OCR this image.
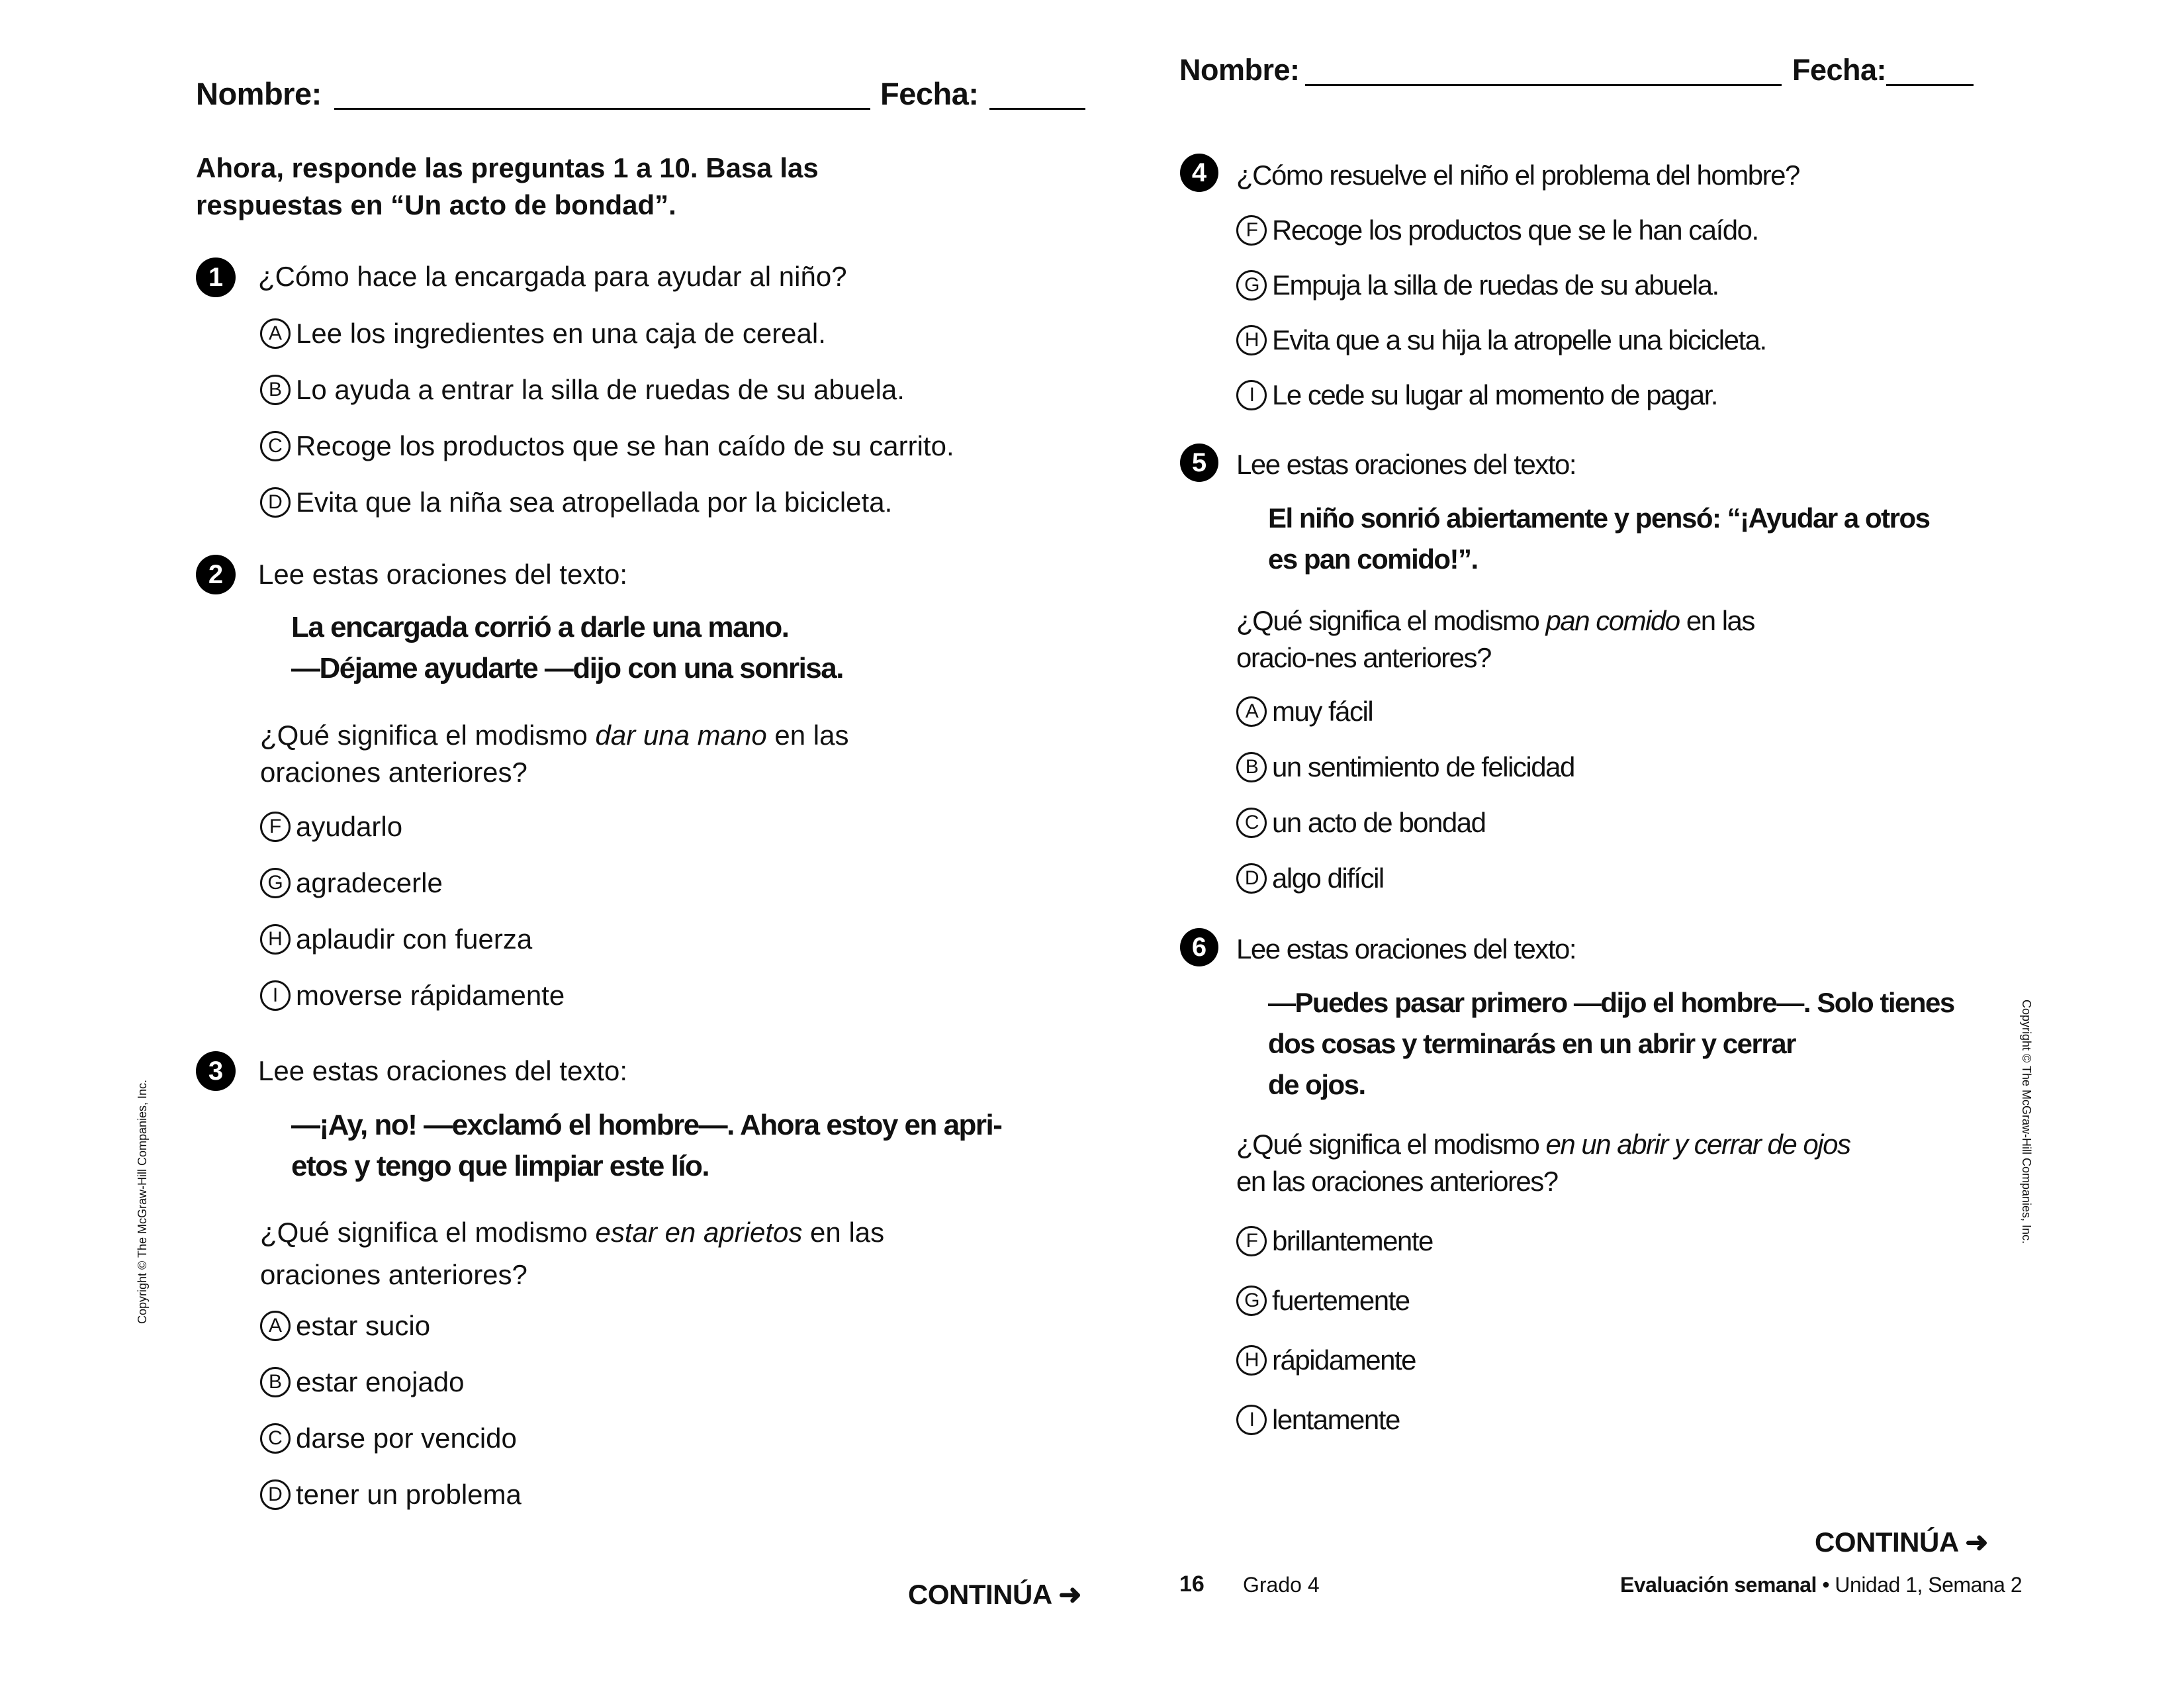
Nombre:	Fecha:
Ahora, responde las preguntas 1 a 10. Basa las respuestas en “Un acto de bondad”.
1	¿Cómo hace la encargada para ayudar al niño?
A Lee los ingredientes en una caja de cereal.
B Lo ayuda a entrar la silla de ruedas de su abuela.
C Recoge los productos que se han caído de su carrito.
D Evita que la niña sea atropellada por la bicicleta.
2	Lee estas oraciones del texto:
La encargada corrió a darle una mano.
—Déjame ayudarte —dijo con una sonrisa.
¿Qué significa el modismo dar una mano en las oraciones anteriores?
F ayudarlo
G agradecerle
H aplaudir con fuerza
I moverse rápidamente
3	Lee estas oraciones del texto:
—¡Ay, no! —exclamó el hombre—. Ahora estoy en apri-
etos y tengo que limpiar este lío.
¿Qué significa el modismo estar en aprietos en las oraciones anteriores?
A estar sucio
B estar enojado
C darse por vencido
D tener un problema
CONTINÚA ➜
Copyright © The McGraw-Hill Companies, Inc.
Nombre:	Fecha:
4	¿Cómo resuelve el niño el problema del hombre?
F Recoge los productos que se le han caído.
G Empuja la silla de ruedas de su abuela.
H Evita que a su hija la atropelle una bicicleta.
I Le cede su lugar al momento de pagar.
5	Lee estas oraciones del texto:
El niño sonrió abiertamente y pensó: “¡Ayudar a otros
es pan comido!”.
¿Qué significa el modismo pan comido en las oracio-nes anteriores?
A muy fácil
B un sentimiento de felicidad
C un acto de bondad
D algo difícil
6	Lee estas oraciones del texto:
—Puedes pasar primero —dijo el hombre—. Solo tienes
dos cosas y terminarás en un abrir y cerrar
de ojos.
¿Qué significa el modismo en un abrir y cerrar de ojos en las oraciones anteriores?
F brillantemente
G fuertemente
H rápidamente
I lentamente
CONTINÚA ➜
Copyright © The McGraw-Hill Companies, Inc.
16 Grado 4	Evaluación semanal • Unidad 1, Semana 2
